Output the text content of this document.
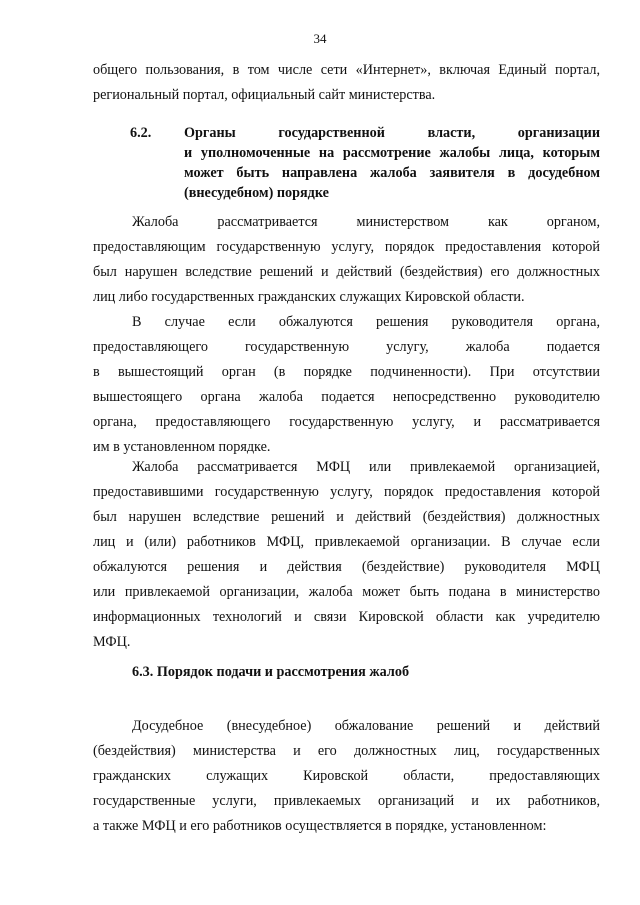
34
общего пользования, в том числе сети «Интернет», включая Единый портал,
региональный портал, официальный сайт министерства.
6.2. Органы государственной власти, организации
и уполномоченные на рассмотрение жалобы лица, которым
может быть направлена жалоба заявителя в досудебном
(внесудебном) порядке
Жалоба рассматривается министерством как органом,
предоставляющим государственную услугу, порядок предоставления которой
был нарушен вследствие решений и действий (бездействия) его должностных
лиц либо государственных гражданских служащих Кировской области.
В случае если обжалуются решения руководителя органа,
предоставляющего государственную услугу, жалоба подается
в вышестоящий орган (в порядке подчиненности). При отсутствии
вышестоящего органа жалоба подается непосредственно руководителю
органа, предоставляющего государственную услугу, и рассматривается
им в установленном порядке.
Жалоба рассматривается МФЦ или привлекаемой организацией,
предоставившими государственную услугу, порядок предоставления которой
был нарушен вследствие решений и действий (бездействия) должностных
лиц и (или) работников МФЦ, привлекаемой организации. В случае если
обжалуются решения и действия (бездействие) руководителя МФЦ
или привлекаемой организации, жалоба может быть подана в министерство
информационных технологий и связи Кировской области как учредителю
МФЦ.
6.3. Порядок подачи и рассмотрения жалоб
Досудебное (внесудебное) обжалование решений и действий
(бездействия) министерства и его должностных лиц, государственных
гражданских служащих Кировской области, предоставляющих
государственные услуги, привлекаемых организаций и их работников,
а также МФЦ и его работников осуществляется в порядке, установленном:
